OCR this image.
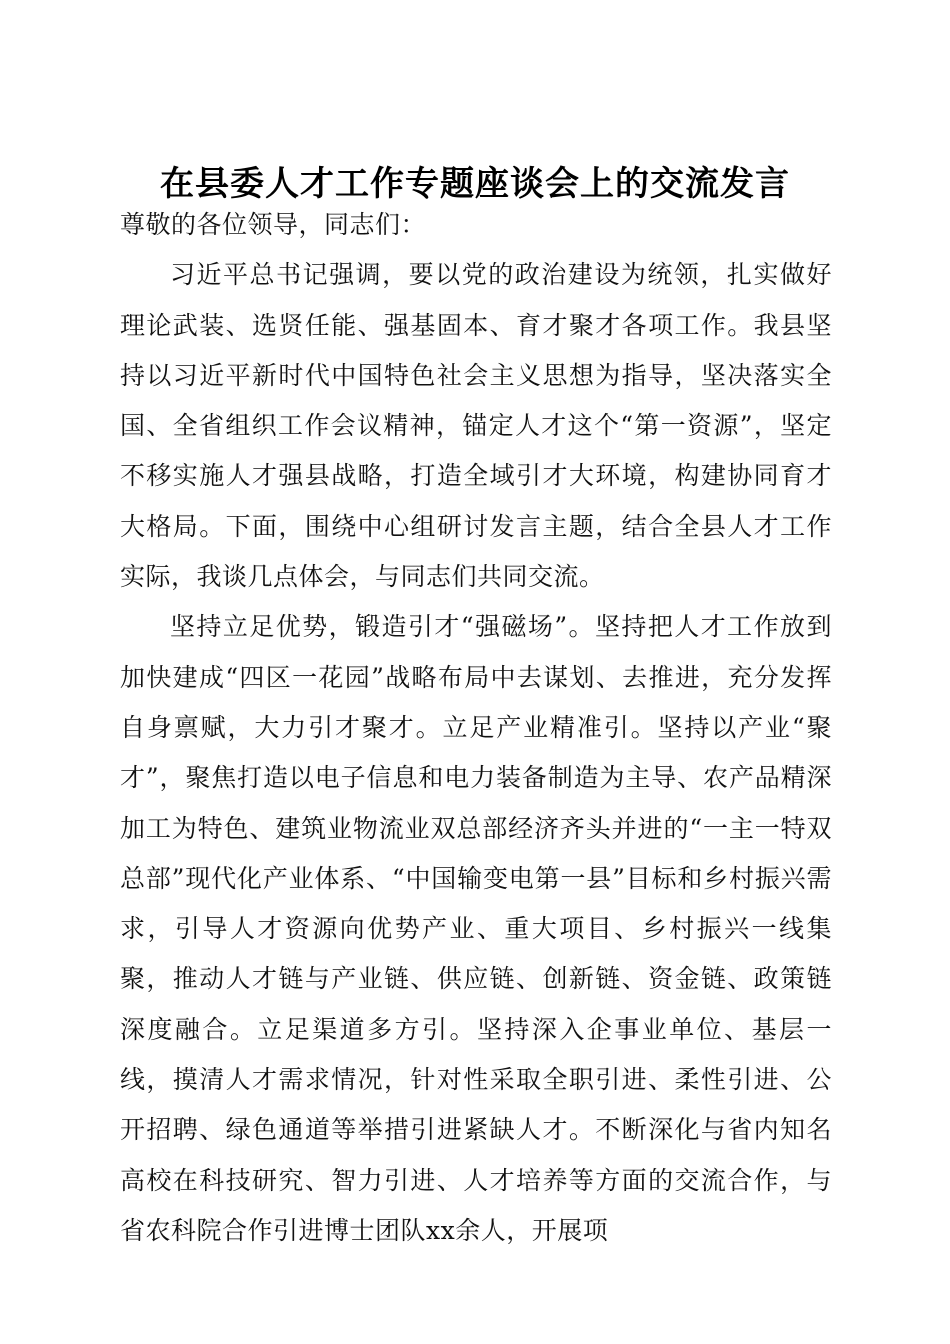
在县委人才工作专题座谈会上的交流发言

尊敬的各位领导，同志们：

习近平总书记强调，要以党的政治建设为统领，扎实做好理论武装、选贤任能、强基固本、育才聚才各项工作。我县坚持以习近平新时代中国特色社会主义思想为指导，坚决落实全国、全省组织工作会议精神，锚定人才这个“第一资源”，坚定不移实施人才强县战略，打造全域引才大环境，构建协同育才大格局。下面，围绕中心组研讨发言主题，结合全县人才工作实际，我谈几点体会，与同志们共同交流。

坚持立足优势，锻造引才“强磁场”。坚持把人才工作放到加快建成“四区一花园”战略布局中去谋划、去推进，充分发挥自身禀赋，大力引才聚才。立足产业精准引。坚持以产业“聚才”，聚焦打造以电子信息和电力装备制造为主导、农产品精深加工为特色、建筑业物流业双总部经济齐头并进的“一主一特双总部”现代化产业体系、“中国输变电第一县”目标和乡村振兴需求，引导人才资源向优势产业、重大项目、乡村振兴一线集聚，推动人才链与产业链、供应链、创新链、资金链、政策链深度融合。立足渠道多方引。坚持深入企事业单位、基层一线，摸清人才需求情况，针对性采取全职引进、柔性引进、公开招聘、绿色通道等举措引进紧缺人才。不断深化与省内知名高校在科技研究、智力引进、人才培养等方面的交流合作，与省农科院合作引进博士团队xx余人，开展项
